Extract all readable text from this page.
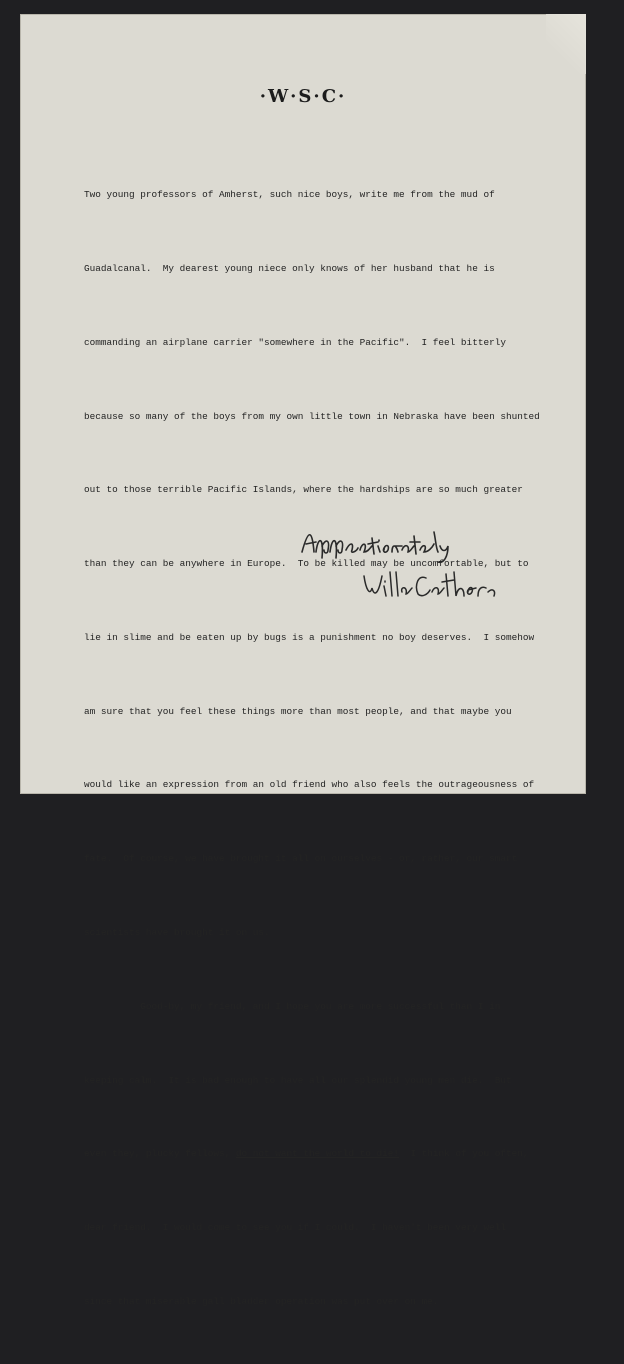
·W·S·C·

Two young professors of Amherst, such nice boys, write me from the mud of

Guadalcanal.  My dearest young niece only knows of her husband that he is

commanding an airplane carrier "somewhere in the Pacific".  I feel bitterly

because so many of the boys from my own little town in Nebraska have been shunted

out to those terrible Pacific Islands, where the hardships are so much greater

than they can be anywhere in Europe.  To be killed may be uncomfortable, but to

lie in slime and be eaten up by bugs is a punishment no boy deserves.  I somehow

am sure that you feel these things more than most people, and that maybe you

would like an expression from an old friend who also feels the outrageousness of

fate.  Of course, we have brought it all on ourselves - or, rather, our smart

scientists have brought it on us.

Good-by, my friend, and I hope you are more successful than I in

keeping calm.  It is bad enough to have all our splendid young men die.  But

even they, plucky fellows, do not want the world to die!  I think of you often,

dear friend.  I would come to see you if I could.  I haven't been very well

since that miserable gall bladder operation was put over on me.
